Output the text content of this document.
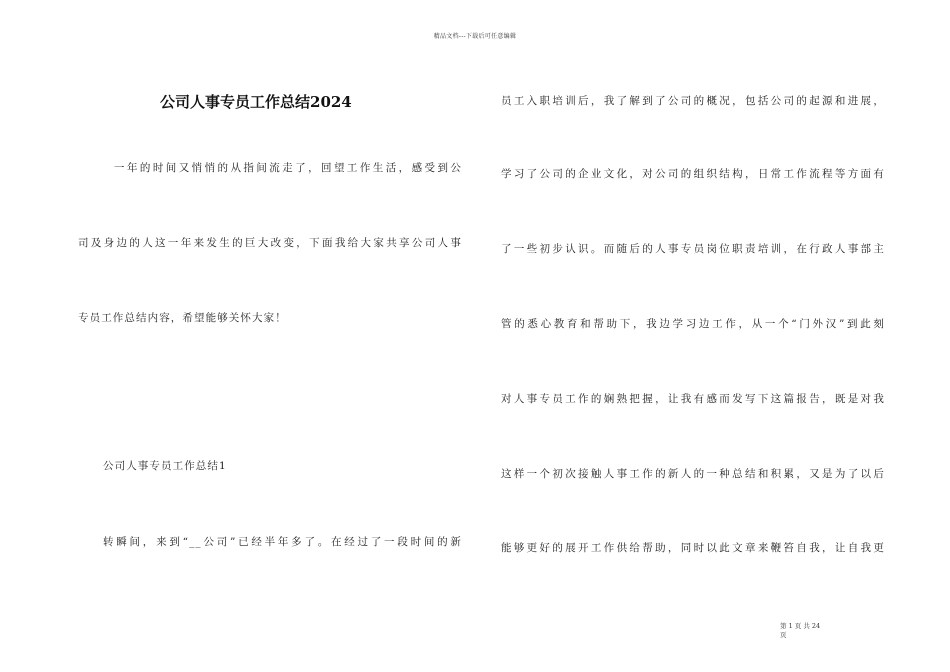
精品文档---下载后可任意编辑
公司人事专员工作总结2024
一年的时间又悄悄的从指间流走了，回望工作生活，感受到公
司及身边的人这一年来发生的巨大改变，下面我给大家共享公司人事
专员工作总结内容，希望能够关怀大家！
公司人事专员工作总结1
转瞬间，来到“__公司”已经半年多了。在经过了一段时间的新
员工入职培训后，我了解到了公司的概况，包括公司的起源和进展，
学习了公司的企业文化，对公司的组织结构，日常工作流程等方面有
了一些初步认识。而随后的人事专员岗位职责培训，在行政人事部主
管的悉心教育和帮助下，我边学习边工作，从一个“门外汉”到此刻
对人事专员工作的娴熟把握，让我有感而发写下这篇报告，既是对我
这样一个初次接触人事工作的新人的一种总结和积累，又是为了以后
能够更好的展开工作供给帮助，同时以此文章来鞭笞自我，让自我更
第 1 页 共 24 页
